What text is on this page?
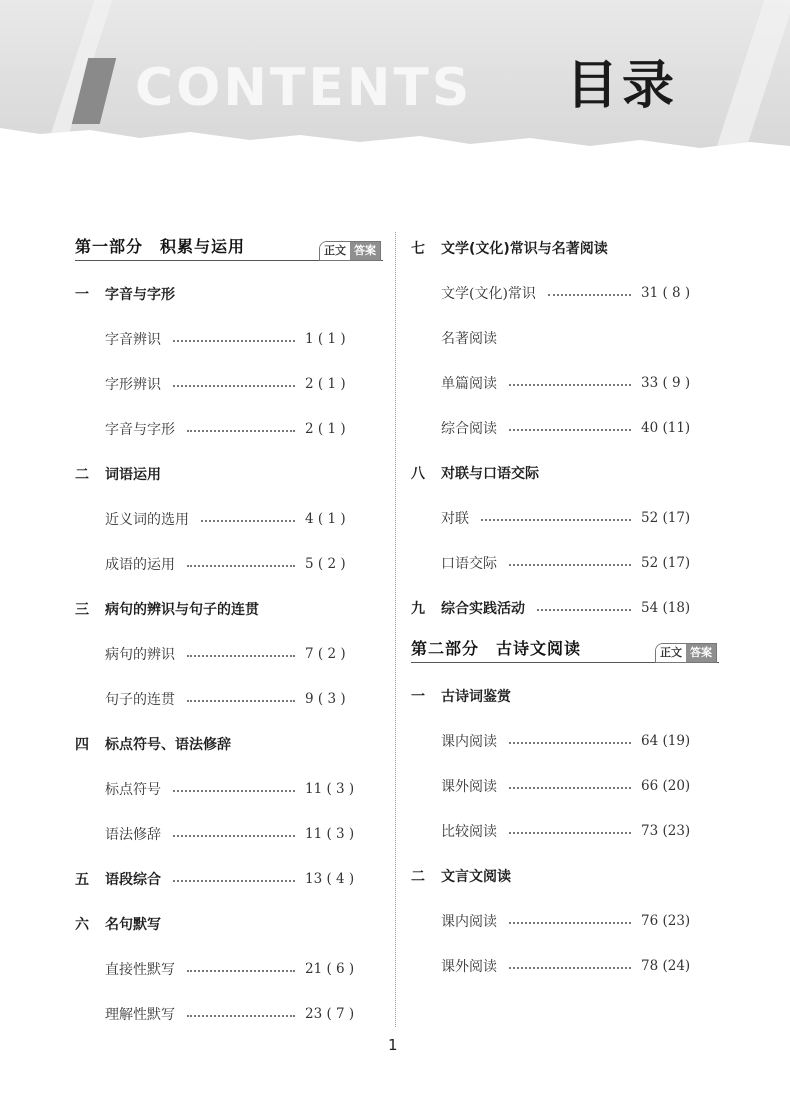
CONTENTS 目录
第一部分　积累与运用	正文 答案
一	字音与字形
字音辨识	1 ( 1 )
字形辨识	2 ( 1 )
字音与字形	2 ( 1 )
二	词语运用
近义词的选用	4 ( 1 )
成语的运用	5 ( 2 )
三	病句的辨识与句子的连贯
病句的辨识	7 ( 2 )
句子的连贯	9 ( 3 )
四	标点符号、语法修辞
标点符号	11 ( 3 )
语法修辞	11 ( 3 )
五	语段综合	13 ( 4 )
六	名句默写
直接性默写	21 ( 6 )
理解性默写	23 ( 7 )
七	文学(文化)常识与名著阅读
文学(文化)常识	31 ( 8 )
名著阅读
单篇阅读	33 ( 9 )
综合阅读	40 (11)
八	对联与口语交际
对联	52 (17)
口语交际	52 (17)
九	综合实践活动	54 (18)
第二部分　古诗文阅读	正文 答案
一	古诗词鉴赏
课内阅读	64 (19)
课外阅读	66 (20)
比较阅读	73 (23)
二	文言文阅读
课内阅读	76 (23)
课外阅读	78 (24)
1
